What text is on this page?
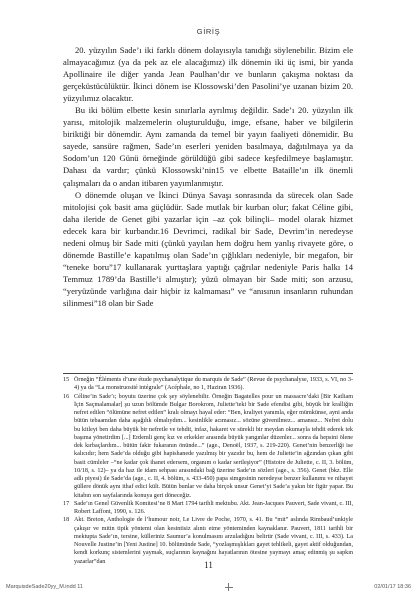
GİRİŞ

20. yüzyılın Sade’ı iki farklı dönem dolayısıyla tanıdığı söylenebilir. Bizim ele almayacağımız (ya da pek az ele alacağımız) ilk dönemin iki üç ismi, bir yanda Apollinaire ile diğer yanda Jean Paulhan’dır ve bunların çakışma noktası da gerçeküstücülüktür. İkinci dönem ise Klossowski’den Pasolini’ye uzanan bizim 20. yüzyılımız olacaktır.

Bu iki bölüm elbette kesin sınırlarla ayrılmış değildir. Sade’ı 20. yüzyılın ilk yarısı, mitolojik malzemelerin oluşturulduğu, imge, efsane, haber ve bilgilerin biriktiği bir dönemdir. Aynı zamanda da temel bir yayın faaliyeti dönemidir. Bu sayede, sansüre rağmen, Sade’ın eserleri yeniden basılmaya, dağıtılmaya ya da Sodom’un 120 Günü örneğinde görüldüğü gibi sadece keşfedilmeye başlamıştır. Dahası da vardır; çünkü Klossowski’nin15 ve elbette Bataille’ın ilk önemli çalışmaları da o andan itibaren yayımlanmıştır.

O dönemde oluşan ve İkinci Dünya Savaşı sonrasında da sürecek olan Sade mitolojisi çok basit ama güçlüdür. Sade mutlak bir kurban olur; fakat Céline gibi, daha ileride de Genet gibi yazarlar için –az çok bilinçli– model olarak hizmet edecek kara bir kurbandır.16 Devrimci, radikal bir Sade, Devrim’in neredeyse nedeni olmuş bir Sade miti (çünkü yayılan hem doğru hem yanlış rivayete göre, o dönemde Bastille’e kapatılmış olan Sade’ın çığlıkları nedeniyle, bir megafon, bir “teneke boru”17 kullanarak yurttaşlara yaptığı çağrılar nedeniyle Paris halkı 14 Temmuz 1789’da Bastille’i almıştır); yüzü olmayan bir Sade miti; son arzusu, “yeryüzünde varlığına dair hiçbir iz kalmaması” ve “anısının insanların ruhundan silinmesi”18 olan bir Sade

15 Örneğin “Éléments d’une étude psychanalytique du marquis de Sade” (Revue de psychanalyse, 1933, s. VI, no 3-4) ya da “La monstruosité intégrale” (Acéphale, no 1, Haziran 1936).
16 Céline’in Sade’ı; boyutu üzerine çok şey söylenebilir. Örneğin Bagatelles pour un massacre’daki [Bir Katliam İçin Saçmalamalar] şu uzun bölümde Bulgar Borokrom, Juliette’teki bir Sade efendisi gibi, büyük bir kralliğin nefret edilen “ölümüne nefret edilen” kralı olmayı hayal eder: “Ben, kraliyet yanımla, eğer mümkünse, ayni anda bütün tebaamdan daha aşağılık olmalıydım... kesinlikle acımasız... sözüne güvenilmez... amansız... Nefret dolu bu kitleyi ben daha büyük bir nefretle ve tehdit, infaz, hakaret ve sürekli bir meydan okumayla tehdit ederek tek başıma yönetirdim [...] Erdemli genç kız ve erkekler arasında büyük yangınlar düzenler... sonra da hepsini ölene dek kırbaçlardım... bütün fakir fukaranın önünde...” (age., Denoël, 1937, s. 219-220). Genet’nin benzerliği ise kalıcıdır; hem Sade’da olduğu gibi hapishanede yazılmış bir yazıdır bu, hem de Juliette’in ağzından çıkan gibi basit cümleler –“ne kadar çok ihanet edersem, organım o kadar sertleşiyor” (Histoire de Juliette, c. II, 3. bölüm, 10/18, s. 12)– ya da haz ile idam sehpası arasındaki bağ üzerine Sade’ın sözleri (age., s. 356). Genet (bkz. Elle adlı piyesi) ile Sade’da (age., c. II, 4. bölüm, s. 433-450) papa simgesinin neredeyse benzer kullanımı ve nihayet güllere dönük aynı ithaf edici kült. Bütün bunlar ve daha birçok unsur Genet’yi Sade’a yakın bir figür yapar. Bu kitabın son sayfalarında konuya geri döneceğiz.
17 Sade’ın Genel Güvenlik Komitesi’ne 8 Mart 1794 tarihli mektubu. Akt. Jean-Jacques Pauvert, Sade vivant, c. III, Robert Laffont, 1990, s. 126.
18 Akt. Breton, Anthologie de l’humour noir, Le Livre de Poche, 1970, s. 41. Bu “mit” aslında Rimbaud’unkiyle çakışır ve mitin tipik yöntemi olan kesintisiz alıntı etme yönteminden kaynaklanır. Pauvert, 1811 tarihli bir mektupta Sade’ın, tersine, külleriniz Saumur’a konulmasını arzuladığını belirtir (Sade vivant, c. III, s. 433). La Nouvelle Justine’in [Yeni Justine] 10. bölümünde Sade, “yozlaşmışlıkları gayet tehlikeli, gayet aktif olduğundan, kendi korkunç sistemlerini yaymak, suçlarının kaynağını hayatlarının ötesine yaymayı amaç edinmiş şu sapkın yazarlar”dan	11
MarquisdeSade20yy_M.indd 11	02/01/17 18:36
